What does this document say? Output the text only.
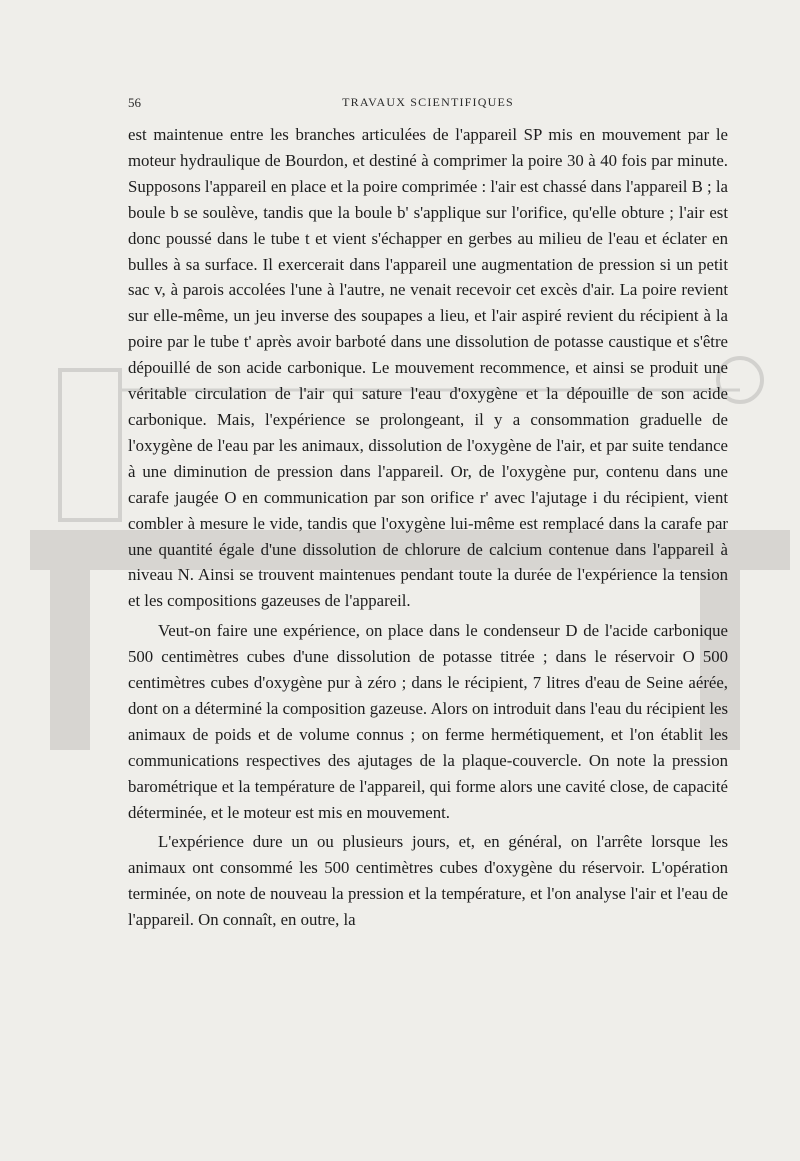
56	TRAVAUX SCIENTIFIQUES

est maintenue entre les branches articulées de l'appareil SP mis en mouvement par le moteur hydraulique de Bourdon, et destiné à comprimer la poire 30 à 40 fois par minute. Supposons l'appareil en place et la poire comprimée : l'air est chassé dans l'appareil B ; la boule b se soulève, tandis que la boule b' s'applique sur l'orifice, qu'elle obture ; l'air est donc poussé dans le tube t et vient s'échapper en gerbes au milieu de l'eau et éclater en bulles à sa surface. Il exercerait dans l'appareil une augmentation de pression si un petit sac v, à parois accolées l'une à l'autre, ne venait recevoir cet excès d'air. La poire revient sur elle-même, un jeu inverse des soupapes a lieu, et l'air aspiré revient du récipient à la poire par le tube t' après avoir barboté dans une dissolution de potasse caustique et s'être dépouillé de son acide carbonique. Le mouvement recommence, et ainsi se produit une véritable circulation de l'air qui sature l'eau d'oxygène et la dépouille de son acide carbonique. Mais, l'expérience se prolongeant, il y a consommation graduelle de l'oxygène de l'eau par les animaux, dissolution de l'oxygène de l'air, et par suite tendance à une diminution de pression dans l'appareil. Or, de l'oxygène pur, contenu dans une carafe jaugée O en communication par son orifice r' avec l'ajutage i du récipient, vient combler à mesure le vide, tandis que l'oxygène lui-même est remplacé dans la carafe par une quantité égale d'une dissolution de chlorure de calcium contenue dans l'appareil à niveau N. Ainsi se trouvent maintenues pendant toute la durée de l'expérience la tension et les compositions gazeuses de l'appareil.

Veut-on faire une expérience, on place dans le condenseur D de l'acide carbonique 500 centimètres cubes d'une dissolution de potasse titrée ; dans le réservoir O 500 centimètres cubes d'oxygène pur à zéro ; dans le récipient, 7 litres d'eau de Seine aérée, dont on a déterminé la composition gazeuse. Alors on introduit dans l'eau du récipient les animaux de poids et de volume connus ; on ferme hermétiquement, et l'on établit les communications respectives des ajutages de la plaque-couvercle. On note la pression barométrique et la température de l'appareil, qui forme alors une cavité close, de capacité déterminée, et le moteur est mis en mouvement.

L'expérience dure un ou plusieurs jours, et, en général, on l'arrête lorsque les animaux ont consommé les 500 centimètres cubes d'oxygène du réservoir. L'opération terminée, on note de nouveau la pression et la température, et l'on analyse l'air et l'eau de l'appareil. On connaît, en outre, la
